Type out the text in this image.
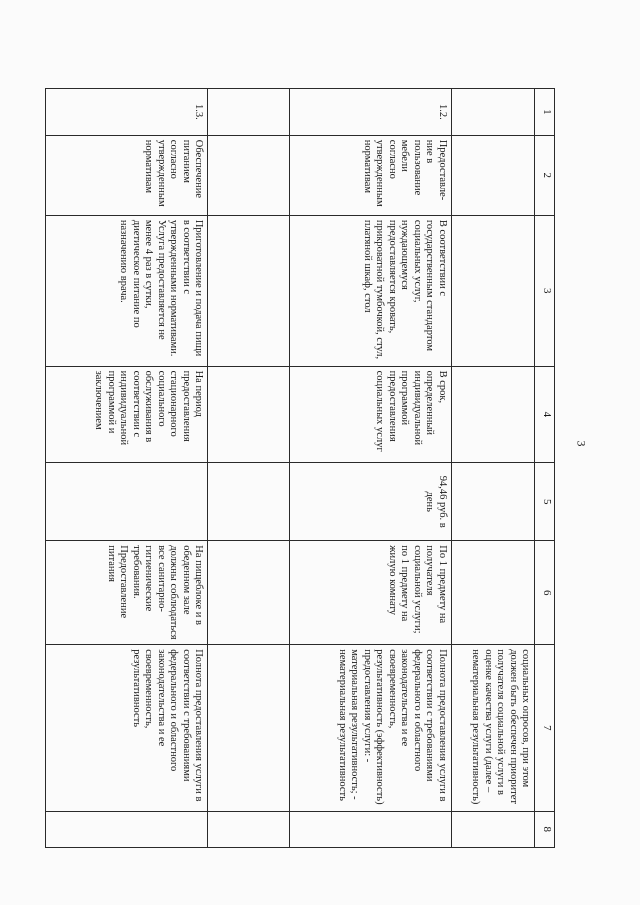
3
1	2	3	4	5	6	7	8
						социальных опросов, при этом должен быть обеспечен приоритет получателя социальной услуги в оценке качества услуги (далее – нематериальная результативность)	
1.2.	Предоставле-ние в пользование мебели согласно утвержденным нормативам	В соответствии с государственным стандартом социальных услуг, нуждающемуся предоставляется кровать, прикроватной тумбочкой, стул, платяной шкаф, стол	В срок, определенный индивидуальной программой предоставления социальных услуг	94,46 руб. в день	По 1 предмету на получателя социальной услуги; по 1 предмету на жилую комнату	Полнота предоставления услуги в соответствии с требованиями федерального и областного законодательства и ее своевременность, результативность (эффективность) предоставления услуги: - материальная результативность; - нематериальная результативность	

1.3.	Обеспечение питанием согласно утвержденным нормативам	Приготовление и подача пищи в соответствии с утвержденными нормативами. Услуга предоставляется не менее 4 раз в сутки, диетическое питание по назначению врача.	На период предоставления стационарного социального обслуживания в соответствии с индивидуальной программой и заключением		На пищеблоке и в обеденном зале должны соблюдаться все санитарно-гигиенические требования. Предоставление питания	Полнота предоставления услуги в соответствии с требованиями федерального и областного законодательства и ее своевременность, результативность	
